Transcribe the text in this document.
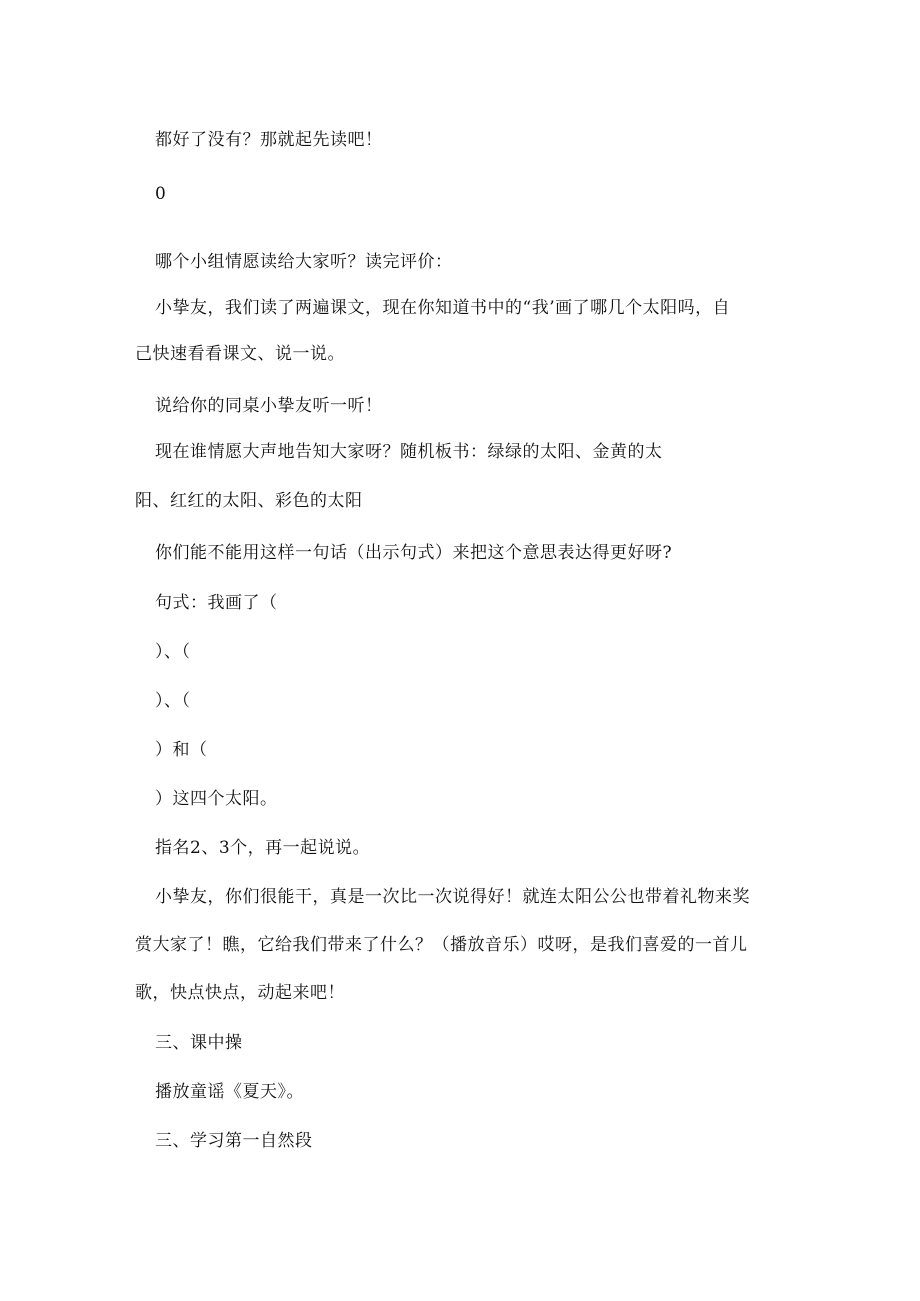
都好了没有？那就起先读吧！
0
哪个小组情愿读给大家听？读完评价：
小挚友，我们读了两遍课文，现在你知道书中的“我’画了哪几个太阳吗，自
己快速看看课文、说一说。
说给你的同桌小挚友听一听！
现在谁情愿大声地告知大家呀？随机板书：绿绿的太阳、金黄的太
阳、红红的太阳、彩色的太阳
你们能不能用这样一句话（出示句式）来把这个意思表达得更好呀?
句式：我画了（
）、（
）、（
）和（
）这四个太阳。
指名2、3个，再一起说说。
小挚友，你们很能干，真是一次比一次说得好！就连太阳公公也带着礼物来奖
赏大家了！瞧，它给我们带来了什么？（播放音乐）哎呀，是我们喜爱的一首儿
歌，快点快点，动起来吧！
三、课中操
播放童谣《夏天》。
三、学习第一自然段
